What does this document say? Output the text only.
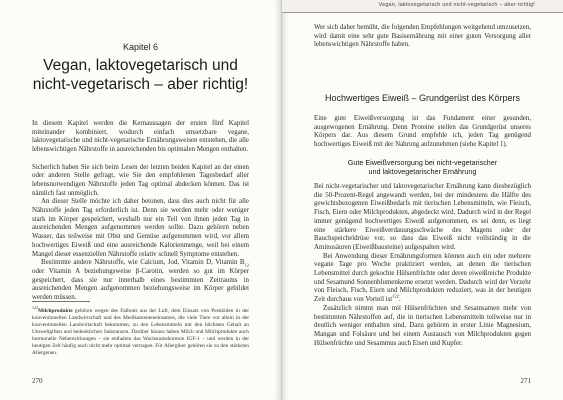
Kapitel 6
Vegan, laktovegetarisch und
nicht-vegetarisch – aber richtig!

In diesem Kapitel werden die Kernaussagen der ersten fünf Kapitel miteinander kombiniert, wodurch einfach umsetzbare vegane, laktovegetarische und nicht-vegetarische Ernährungsweisen entstehen, die alle lebenswichtigen Nährstoffe in ausreichenden bis optimalen Mengen enthalten.

Sicherlich haben Sie sich beim Lesen der letzten beiden Kapitel an der einen oder anderen Stelle gefragt, wie Sie den empfohlenen Tagesbedarf aller lebensnotwendigen Nährstoffe jeden Tag optimal abdecken können. Das ist nämlich fast unmöglich.

An dieser Stelle möchte ich daher betonen, dass dies auch nicht für alle Nährstoffe jeden Tag erforderlich ist. Denn sie werden mehr oder weniger stark im Körper gespeichert, weshalb nur ein Teil von ihnen jeden Tag in ausreichenden Mengen aufgenommen werden sollte. Dazu gehören neben Wasser, das teilweise mit Obst und Gemüse aufgenommen wird, vor allem hochwertiges Eiweiß und eine ausreichende Kalorienmenge, weil bei einem Mangel dieser essenziellen Nährstoffe relativ schnell Symptome entstehen.

Bestimmte andere Nährstoffe, wie Calcium, Jod, Vitamin D, Vitamin $B_{12}$ oder Vitamin A beziehungsweise β-Carotin, werden so gut im Körper gespeichert, dass sie nur innerhalb eines bestimmten Zeitraums in ausreichenden Mengen aufgenommen beziehungsweise im Körper gebildet werden müssen.

$^{122}$Milchprodukte gehören wegen des Fallouts aus der Luft, dem Einsatz von Pestiziden in der konventionellen Landwirtschaft und des Medikamenteneinsatzes, die viele Tiere vor allem in der konventionellen Landwirtschaft bekommen, zu den Lebensmitteln mit den höchsten Gehalt an Umweltgiften und bedenklichen Substanzen. Darüber hinaus haben Milch und Milchprodukte auch hormonelle Nebenwirkungen – sie enthalten das Wachstumshormon IGF-1 – und werden in der heutigen Zeit häufig auch nicht mehr optimal vertragen. Für Allergiker gehören sie zu den stärksten Allergenen.
270
Vegan, laktovegetarisch und nicht-vegetarisch – aber richtig!

Wer sich daher bemüht, die folgenden Empfehlungen weitgehend umzusetzen, wird damit eine sehr gute Basisernährung mit einer guten Versorgung aller lebenswichtigen Nährstoffe haben.

Hochwertiges Eiweiß – Grundgerüst des Körpers

Eine gute Eiweißversorgung ist das Fundament einer gesunden, ausgewogenen Ernährung. Denn Proteine stellen das Grundgerüst unseres Körpers dar. Aus diesem Grund empfehle ich, jeden Tag genügend hochwertiges Eiweiß mit der Nahrung aufzunehmen (siehe Kapitel 1).

Gute Eiweißversorgung bei nicht-vegetarischer
und laktovegetarischer Ernährung

Bei nicht-vegetarischer und laktovegetarischer Ernährung kann diesbezüglich die 50-Prozent-Regel angewandt werden, bei der mindestens die Hälfte des gewichtsbezogenen Eiweißbedarfs mit tierischen Lebensmitteln, wie Fleisch, Fisch, Eiern oder Milchprodukten, abgedeckt wird. Dadurch wird in der Regel immer genügend hochwertiges Eiweiß aufgenommen, es sei denn, es liegt eine stärkere Eiweißverdauungsschwäche des Magens oder der Bauchspeicheldrüse vor, so dass das Eiweiß nicht vollständig in die Aminosäuren (Eiweißbausteine) aufgespalten wird.

Bei Anwendung dieser Ernährungsformen können auch ein oder mehrere vegane Tage pro Woche praktiziert werden, an denen die tierischen Lebensmittel durch gekochte Hülsenfrüchte oder deren eiweißreiche Produkte und Sesamund Sonnenblumenkerne ersetzt werden. Dadurch wird der Verzehr von Fleisch, Fisch, Eiern und Milchprodukten reduziert, was in der heutigen Zeit durchaus von Vorteil ist$^{122}$.

Zusätzlich nimmt man mit Hülsenfrüchten und Sesamsamen mehr von bestimmten Nährstoffen auf, die in tierischen Lebensmitteln teilweise nur in deutlich weniger enthalten sind. Dazu gehören in erster Linie Magnesium, Mangan und Folsäure und bei einem Austausch von Milchprodukten gegen Hülsenfrüchte und Sesammus auch Eisen und Kupfer.

271
